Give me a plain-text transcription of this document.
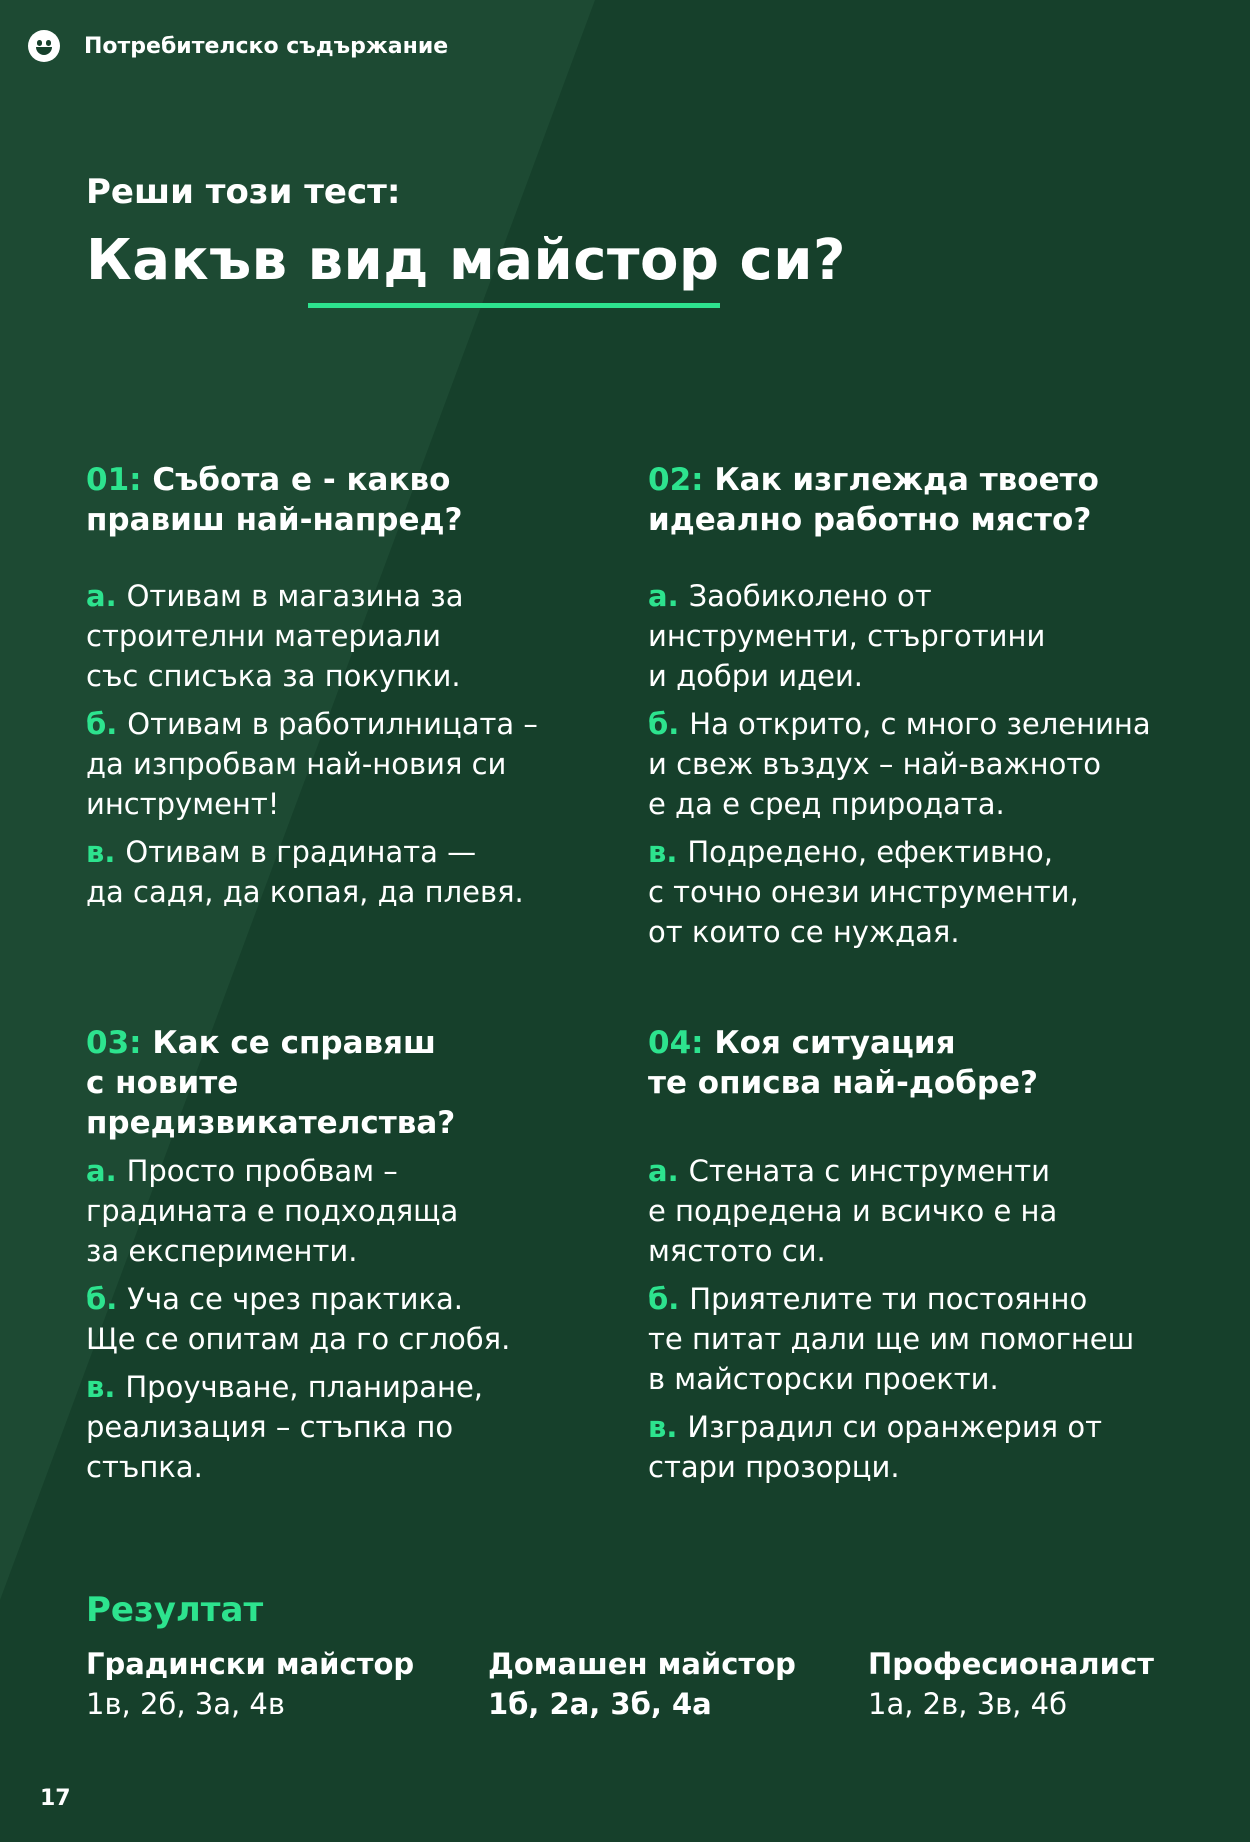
Потребителско съдържание
Реши този тест:
Какъв вид майстор си?
01: Събота е - какво
правиш най-напред?
а. Отивам в магазина за
строителни материали
със списъка за покупки.
б. Отивам в работилницата –
да изпробвам най-новия си
инструмент!
в. Отивам в градината —
да садя, да копая, да плевя.
02: Как изглежда твоето
идеално работно място?
а. Заобиколено от
инструменти, стърготини
и добри идеи.
б. На открито, с много зеленина
и свеж въздух – най-важното
е да е сред природата.
в. Подредено, ефективно,
с точно онези инструменти,
от които се нуждая.
03: Как се справяш
с новите
предизвикателства?
а. Просто пробвам –
градината е подходяща
за експерименти.
б. Уча се чрез практика.
Ще се опитам да го сглобя.
в. Проучване, планиране,
реализация – стъпка по
стъпка.
04: Коя ситуация
те описва най-добре?
а. Стената с инструменти
е подредена и всичко е на
мястото си.
б. Приятелите ти постоянно
те питат дали ще им помогнеш
в майсторски проекти.
в. Изградил си оранжерия от
стари прозорци.
Резултат
Градински майстор
1в, 2б, 3а, 4в
Домашен майстор
1б, 2а, 3б, 4а
Професионалист
1а, 2в, 3в, 4б
17
